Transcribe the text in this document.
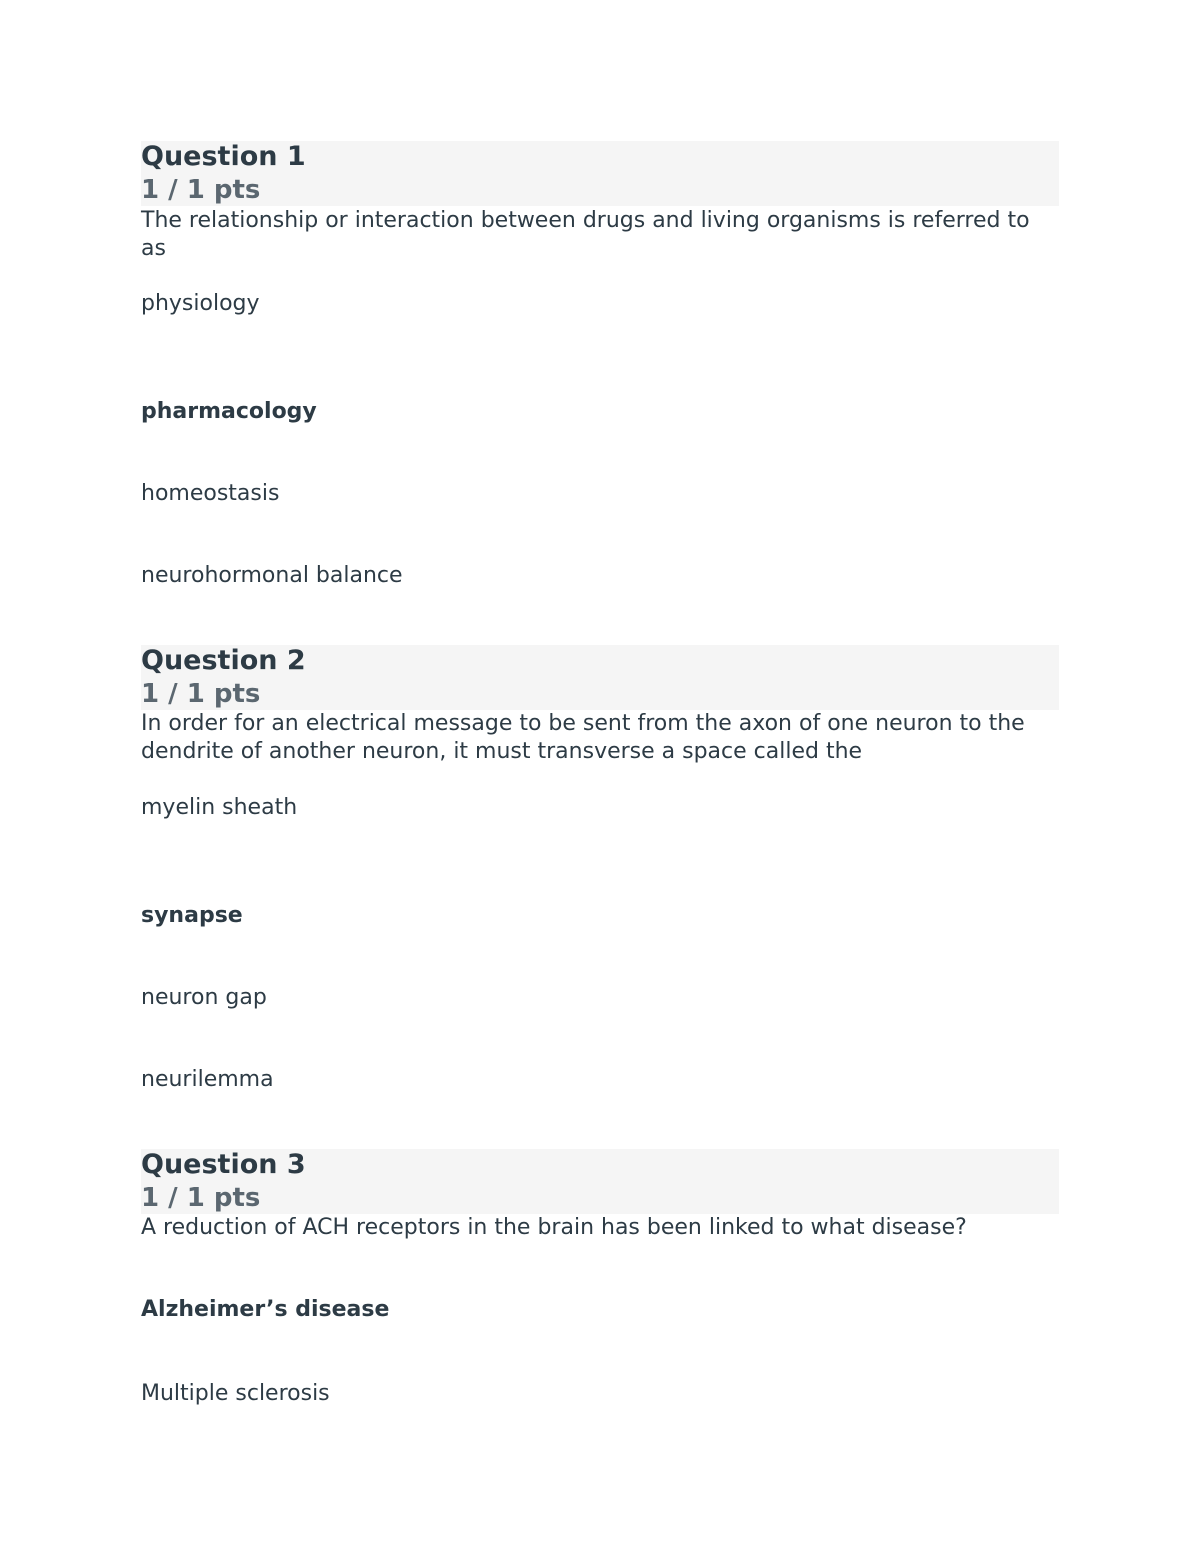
Question 1
1 / 1 pts
The relationship or interaction between drugs and living organisms is referred to as
physiology
pharmacology
homeostasis
neurohormonal balance
Question 2
1 / 1 pts
In order for an electrical message to be sent from the axon of one neuron to the dendrite of another neuron, it must transverse a space called the
myelin sheath
synapse
neuron gap
neurilemma
Question 3
1 / 1 pts
A reduction of ACH receptors in the brain has been linked to what disease?
Alzheimer’s disease
Multiple sclerosis
